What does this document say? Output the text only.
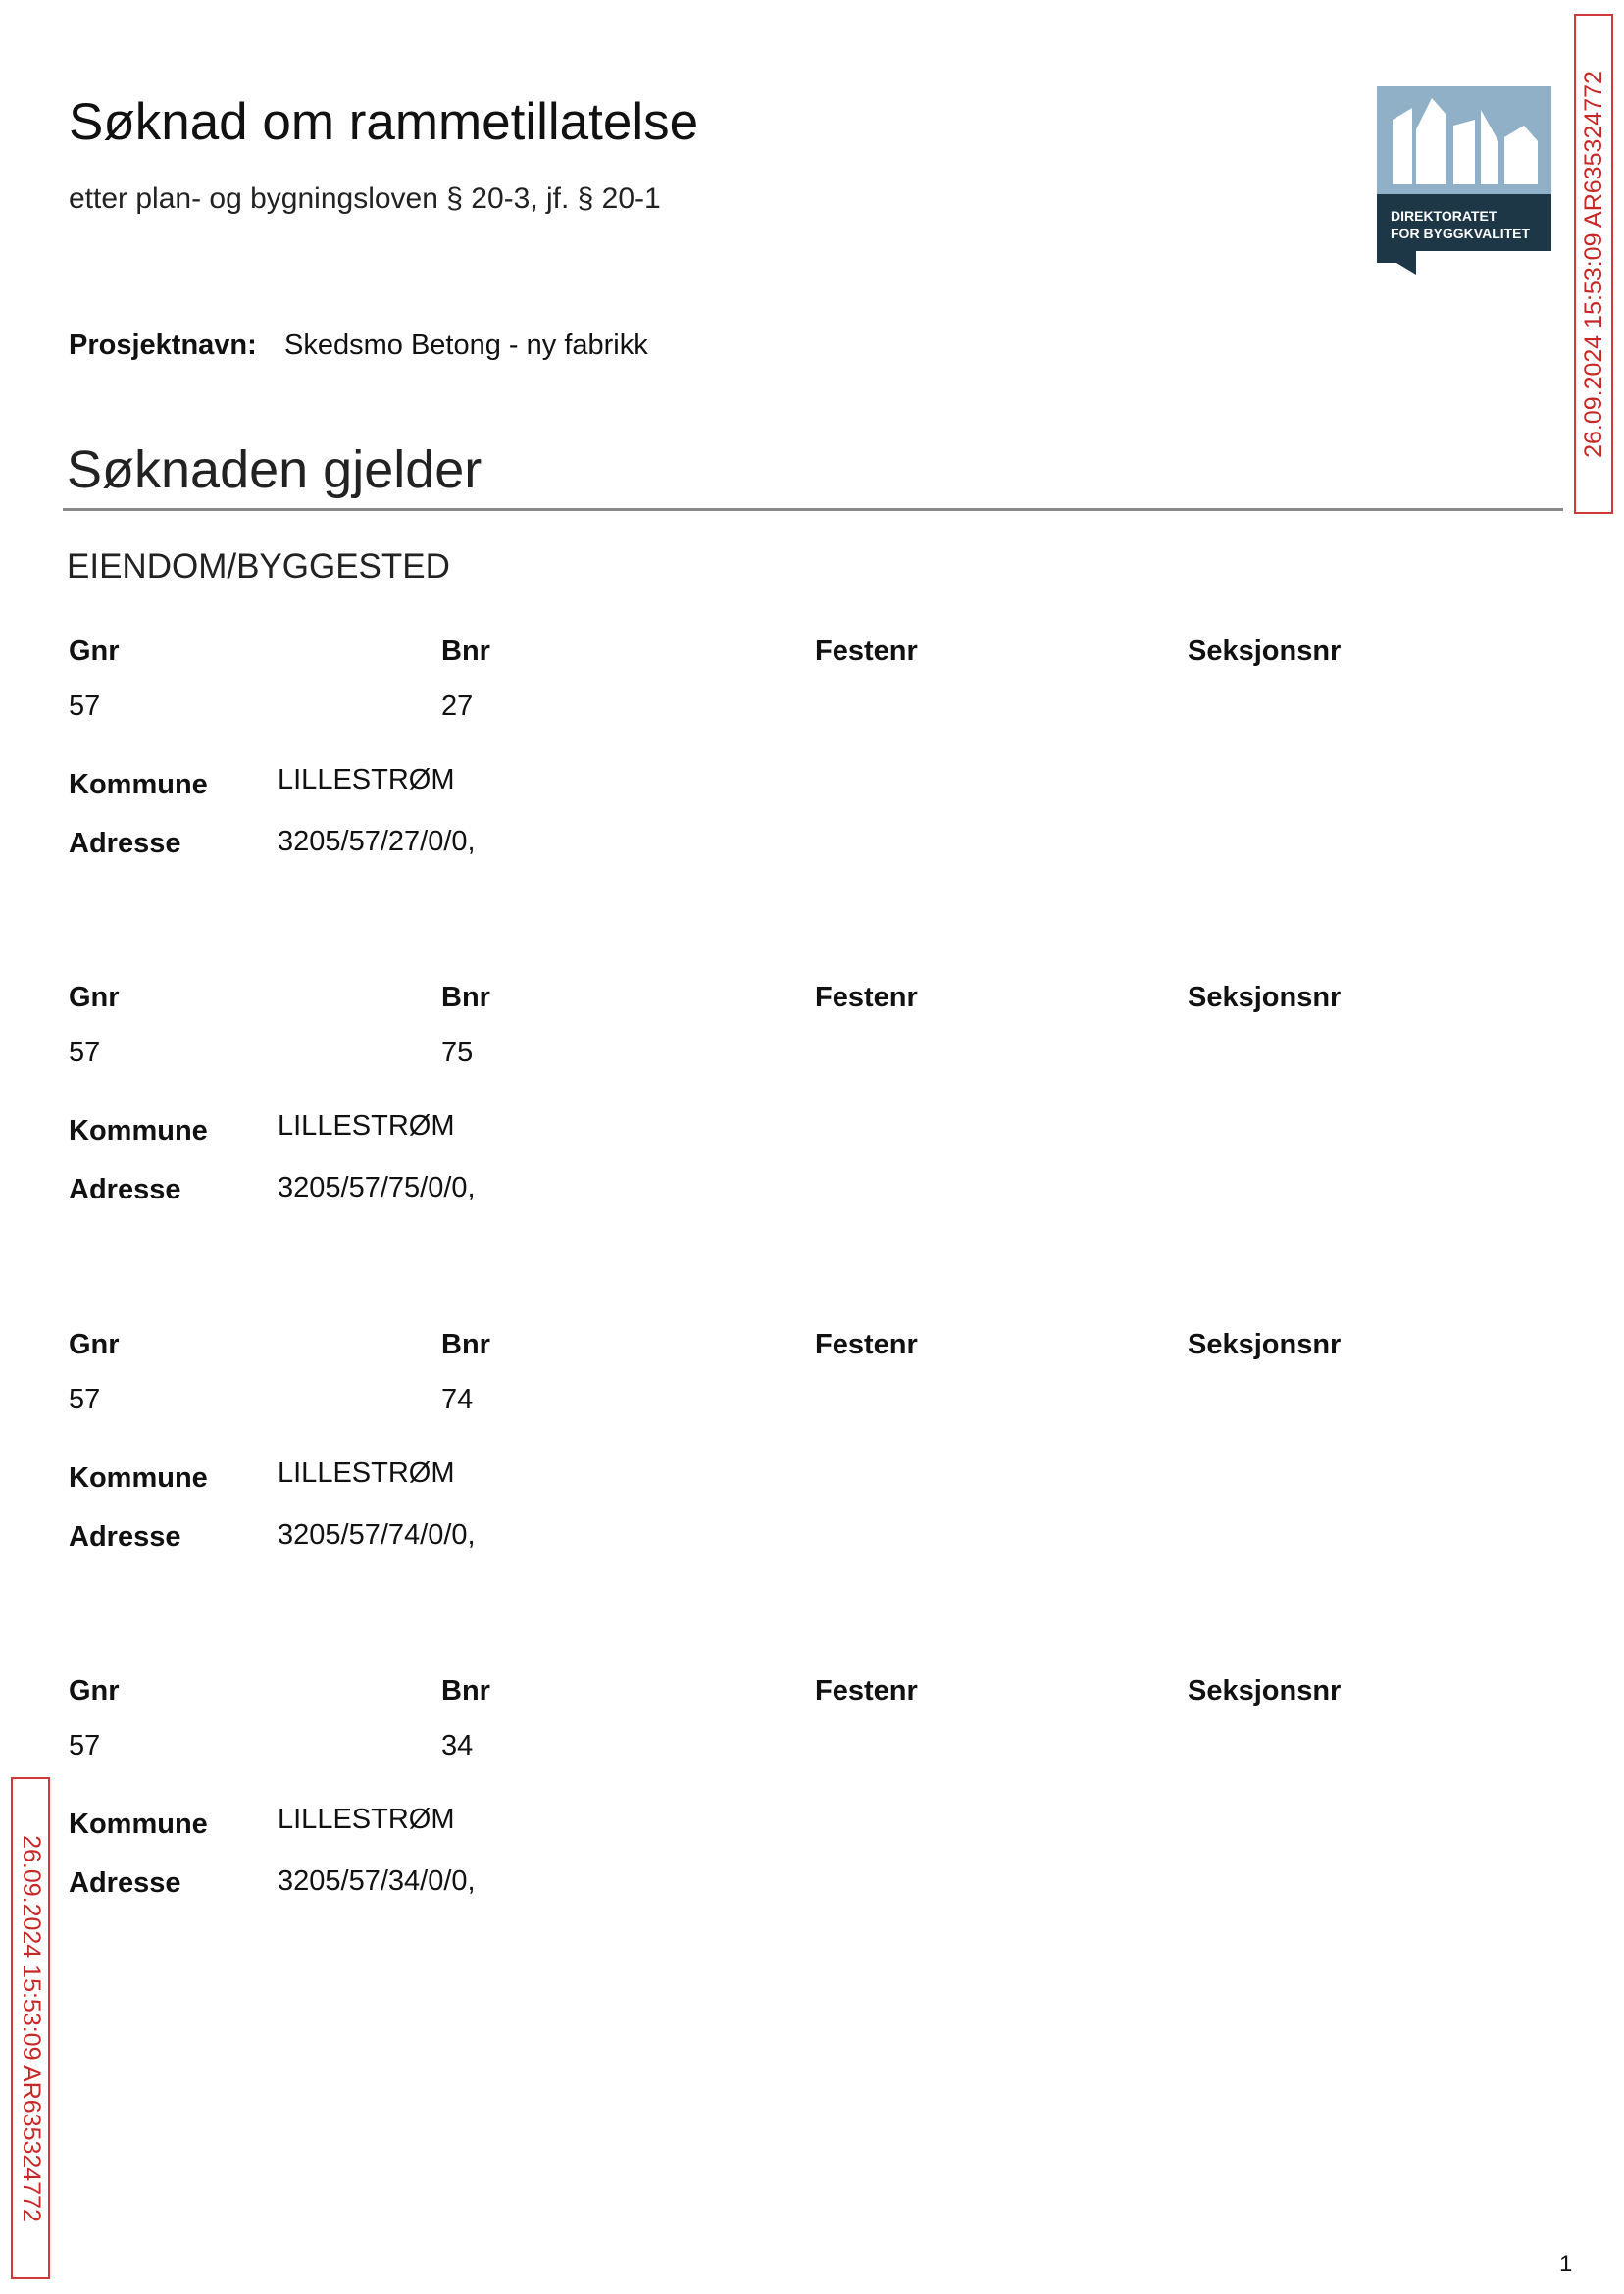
Søknad om rammetillatelse
etter plan- og bygningsloven § 20-3, jf. § 20-1
DIREKTORATET
FOR BYGGKVALITET
Prosjektnavn: Skedsmo Betong - ny fabrikk
Søknaden gjelder
EIENDOM/BYGGESTED
Gnr	Bnr	Festenr	Seksjonsnr
57	27
Kommune LILLESTRØM
Adresse	3205/57/27/0/0,
Gnr	Bnr	Festenr	Seksjonsnr
57	75
Kommune LILLESTRØM
Adresse	3205/57/75/0/0,
Gnr	Bnr	Festenr	Seksjonsnr
57	74
Kommune LILLESTRØM
Adresse	3205/57/74/0/0,
Gnr	Bnr	Festenr	Seksjonsnr
57	34
Kommune LILLESTRØM
Adresse	3205/57/34/0/0,
26.09.2024 15:53:09 AR635324772
26.09.2024 15:53:09 AR635324772
1
